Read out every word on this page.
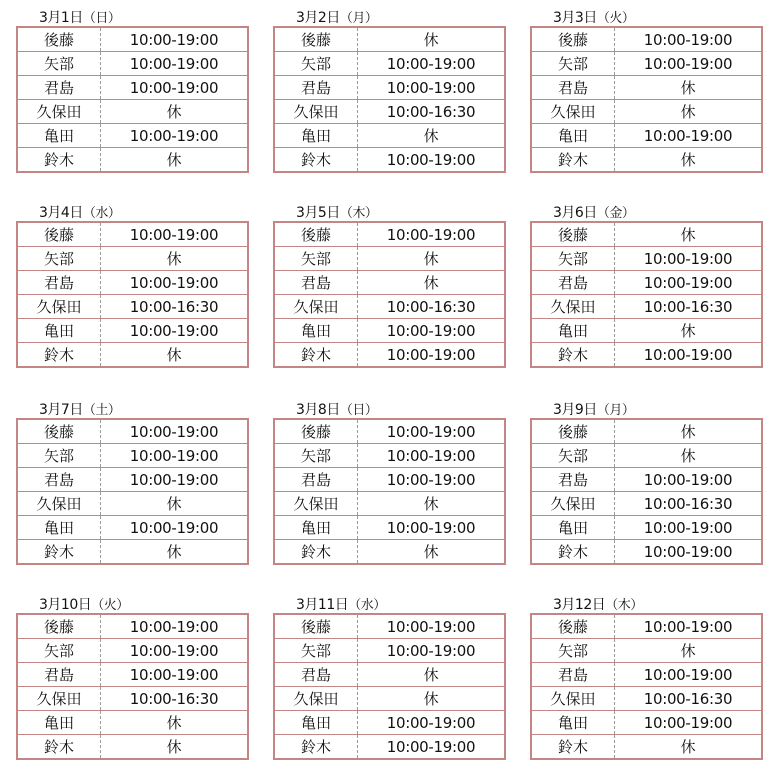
3月1日（日）
後藤	10:00-19:00
矢部	10:00-19:00
君島	10:00-19:00
久保田	休
亀田	10:00-19:00
鈴木	休
3月2日（月）
後藤	休
矢部	10:00-19:00
君島	10:00-19:00
久保田	10:00-16:30
亀田	休
鈴木	10:00-19:00
3月3日（火）
後藤	10:00-19:00
矢部	10:00-19:00
君島	休
久保田	休
亀田	10:00-19:00
鈴木	休
3月4日（水）
後藤	10:00-19:00
矢部	休
君島	10:00-19:00
久保田	10:00-16:30
亀田	10:00-19:00
鈴木	休
3月5日（木）
後藤	10:00-19:00
矢部	休
君島	休
久保田	10:00-16:30
亀田	10:00-19:00
鈴木	10:00-19:00
3月6日（金）
後藤	休
矢部	10:00-19:00
君島	10:00-19:00
久保田	10:00-16:30
亀田	休
鈴木	10:00-19:00
3月7日（土）
後藤	10:00-19:00
矢部	10:00-19:00
君島	10:00-19:00
久保田	休
亀田	10:00-19:00
鈴木	休
3月8日（日）
後藤	10:00-19:00
矢部	10:00-19:00
君島	10:00-19:00
久保田	休
亀田	10:00-19:00
鈴木	休
3月9日（月）
後藤	休
矢部	休
君島	10:00-19:00
久保田	10:00-16:30
亀田	10:00-19:00
鈴木	10:00-19:00
3月10日（火）
後藤	10:00-19:00
矢部	10:00-19:00
君島	10:00-19:00
久保田	10:00-16:30
亀田	休
鈴木	休
3月11日（水）
後藤	10:00-19:00
矢部	10:00-19:00
君島	休
久保田	休
亀田	10:00-19:00
鈴木	10:00-19:00
3月12日（木）
後藤	10:00-19:00
矢部	休
君島	10:00-19:00
久保田	10:00-16:30
亀田	10:00-19:00
鈴木	休
